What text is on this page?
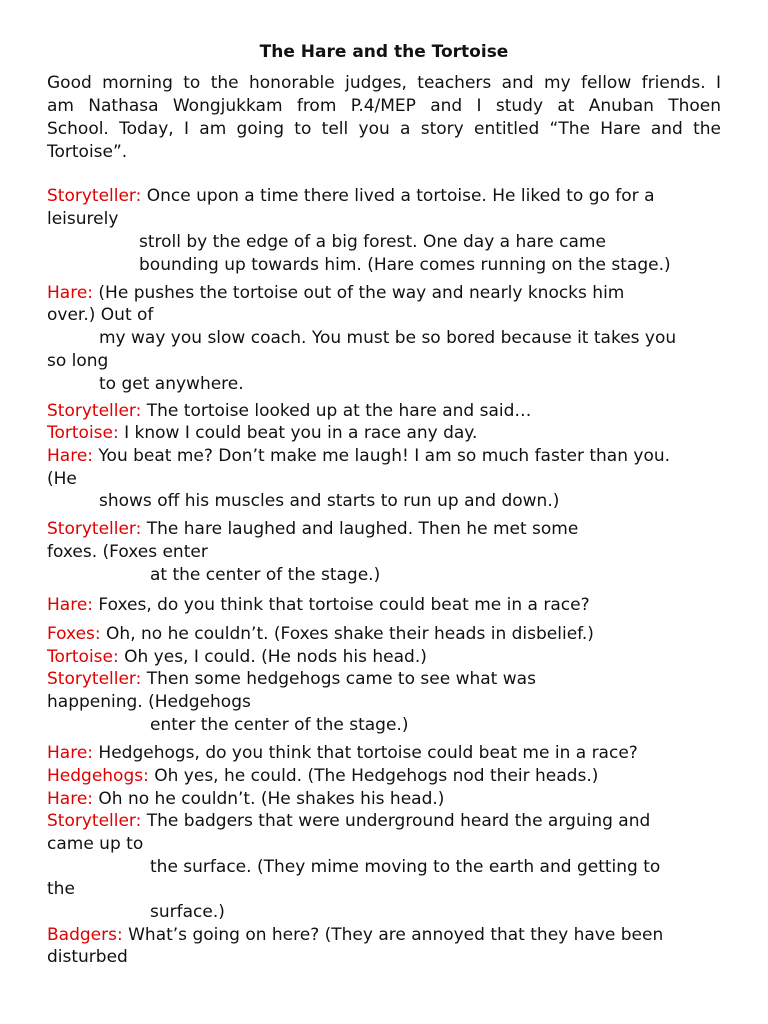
The Hare and the Tortoise
Good morning to the honorable judges, teachers and my fellow friends. I
am Nathasa Wongjukkam from P.4/MEP and I study at Anuban Thoen
School. Today, I am going to tell you a story entitled “The Hare and the
Tortoise”.
Storyteller: Once upon a time there lived a tortoise. He liked to go for a
leisurely
stroll by the edge of a big forest. One day a hare came
bounding up towards him. (Hare comes running on the stage.)
Hare: (He pushes the tortoise out of the way and nearly knocks him
over.) Out of
my way you slow coach. You must be so bored because it takes you
so long
to get anywhere.
Storyteller: The tortoise looked up at the hare and said…
Tortoise: I know I could beat you in a race any day.
Hare: You beat me? Don’t make me laugh! I am so much faster than you.
(He
shows off his muscles and starts to run up and down.)
Storyteller: The hare laughed and laughed. Then he met some
foxes. (Foxes enter
at the center of the stage.)
Hare: Foxes, do you think that tortoise could beat me in a race?
Foxes: Oh, no he couldn’t. (Foxes shake their heads in disbelief.)
Tortoise: Oh yes, I could. (He nods his head.)
Storyteller: Then some hedgehogs came to see what was
happening. (Hedgehogs
enter the center of the stage.)
Hare: Hedgehogs, do you think that tortoise could beat me in a race?
Hedgehogs: Oh yes, he could. (The Hedgehogs nod their heads.)
Hare: Oh no he couldn’t. (He shakes his head.)
Storyteller: The badgers that were underground heard the arguing and
came up to
the surface. (They mime moving to the earth and getting to
the
surface.)
Badgers: What’s going on here? (They are annoyed that they have been
disturbed
